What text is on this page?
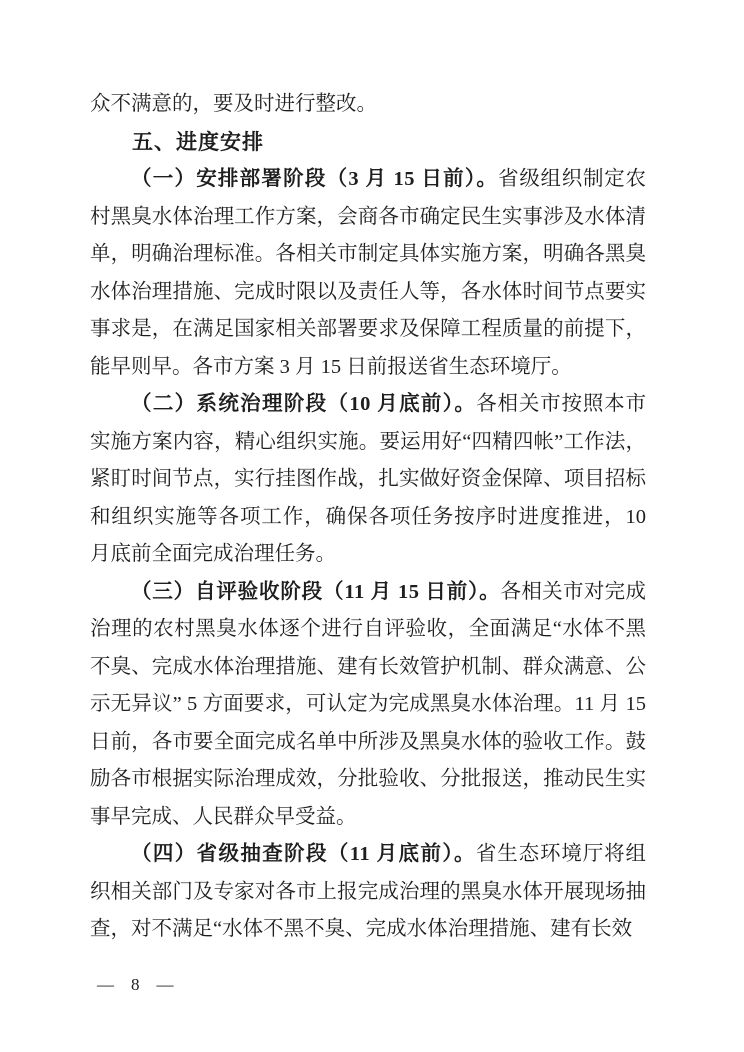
众不满意的，要及时进行整改。

五、进度安排

（一）安排部署阶段（3 月 15 日前）。省级组织制定农村黑臭水体治理工作方案，会商各市确定民生实事涉及水体清单，明确治理标准。各相关市制定具体实施方案，明确各黑臭水体治理措施、完成时限以及责任人等，各水体时间节点要实事求是，在满足国家相关部署要求及保障工程质量的前提下，能早则早。各市方案 3 月 15 日前报送省生态环境厅。

（二）系统治理阶段（10 月底前）。各相关市按照本市实施方案内容，精心组织实施。要运用好“四精四帐”工作法，紧盯时间节点，实行挂图作战，扎实做好资金保障、项目招标和组织实施等各项工作，确保各项任务按序时进度推进，10 月底前全面完成治理任务。

（三）自评验收阶段（11 月 15 日前）。各相关市对完成治理的农村黑臭水体逐个进行自评验收，全面满足“水体不黑不臭、完成水体治理措施、建有长效管护机制、群众满意、公示无异议” 5 方面要求，可认定为完成黑臭水体治理。11 月 15 日前，各市要全面完成名单中所涉及黑臭水体的验收工作。鼓励各市根据实际治理成效，分批验收、分批报送，推动民生实事早完成、人民群众早受益。

（四）省级抽查阶段（11 月底前）。省生态环境厅将组织相关部门及专家对各市上报完成治理的黑臭水体开展现场抽查，对不满足“水体不黑不臭、完成水体治理措施、建有长效

— 8 —
